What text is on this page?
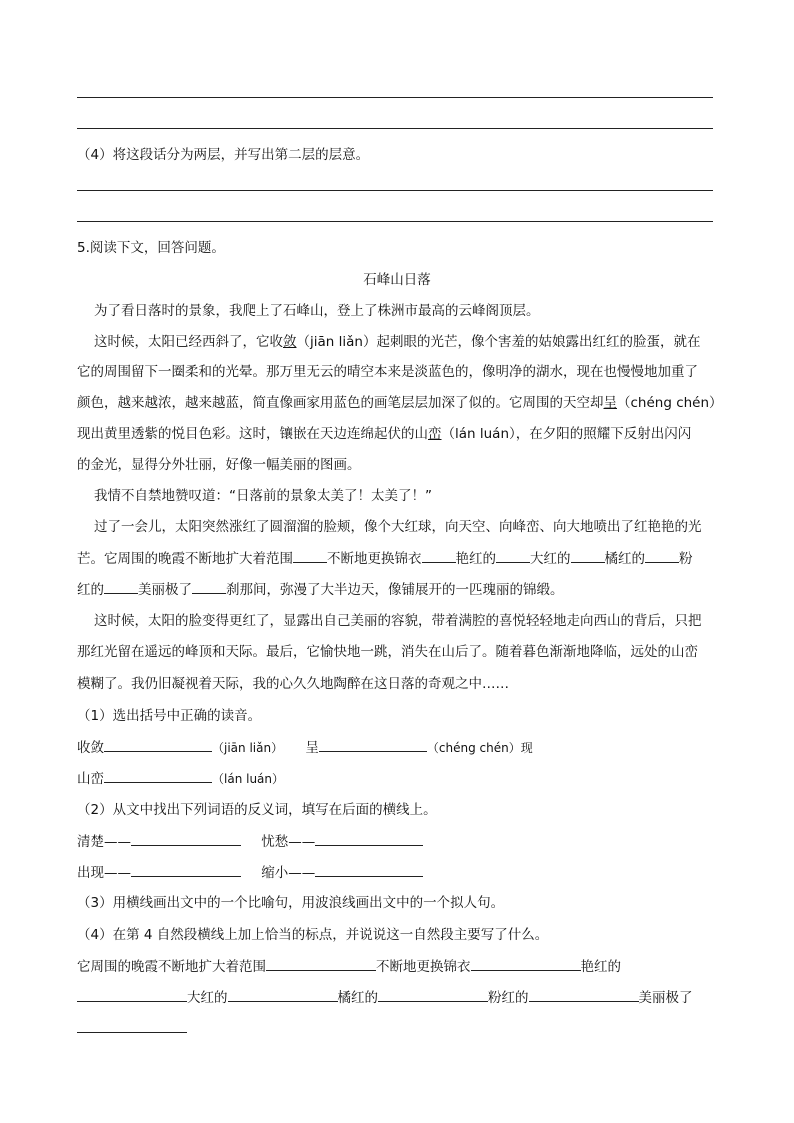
（4）将这段话分为两层，并写出第二层的层意。
5.阅读下文，回答问题。
石峰山日落
为了看日落时的景象，我爬上了石峰山，登上了株洲市最高的云峰阁顶层。
这时候，太阳已经西斜了，它收敛（jiān liǎn）起刺眼的光芒，像个害羞的姑娘露出红红的脸蛋，就在
它的周围留下一圈柔和的光晕。那万里无云的晴空本来是淡蓝色的，像明净的湖水，现在也慢慢地加重了
颜色，越来越浓，越来越蓝，简直像画家用蓝色的画笔层层加深了似的。它周围的天空却呈（chéng chén）
现出黄里透紫的悦目色彩。这时，镶嵌在天边连绵起伏的山峦（lán luán），在夕阳的照耀下反射出闪闪
的金光，显得分外壮丽，好像一幅美丽的图画。
我情不自禁地赞叹道：“日落前的景象太美了！太美了！”
过了一会儿，太阳突然涨红了圆溜溜的脸颊，像个大红球，向天空、向峰峦、向大地喷出了红艳艳的光
芒。它周围的晚霞不断地扩大着范围	不断地更换锦衣	艳红的	大红的	橘红的	粉
红的	美丽极了	刹那间，弥漫了大半边天，像铺展开的一匹瑰丽的锦缎。
这时候，太阳的脸变得更红了，显露出自己美丽的容貌，带着满腔的喜悦轻轻地走向西山的背后，只把
那红光留在遥远的峰顶和天际。最后，它愉快地一跳，消失在山后了。随着暮色渐渐地降临，远处的山峦
模糊了。我仍旧凝视着天际，我的心久久地陶醉在这日落的奇观之中……
（1）选出括号中正确的读音。
收敛	（jiān liǎn） 呈	（chéng chén）现
山峦	（lán luán）
（2）从文中找出下列词语的反义词，填写在后面的横线上。
清楚——	忧愁——
出现——	缩小——
（3）用横线画出文中的一个比喻句，用波浪线画出文中的一个拟人句。
（4）在第 4 自然段横线上加上恰当的标点，并说说这一自然段主要写了什么。
它周围的晚霞不断地扩大着范围	不断地更换锦衣	艳红的
大红的	橘红的	粉红的	美丽极了
